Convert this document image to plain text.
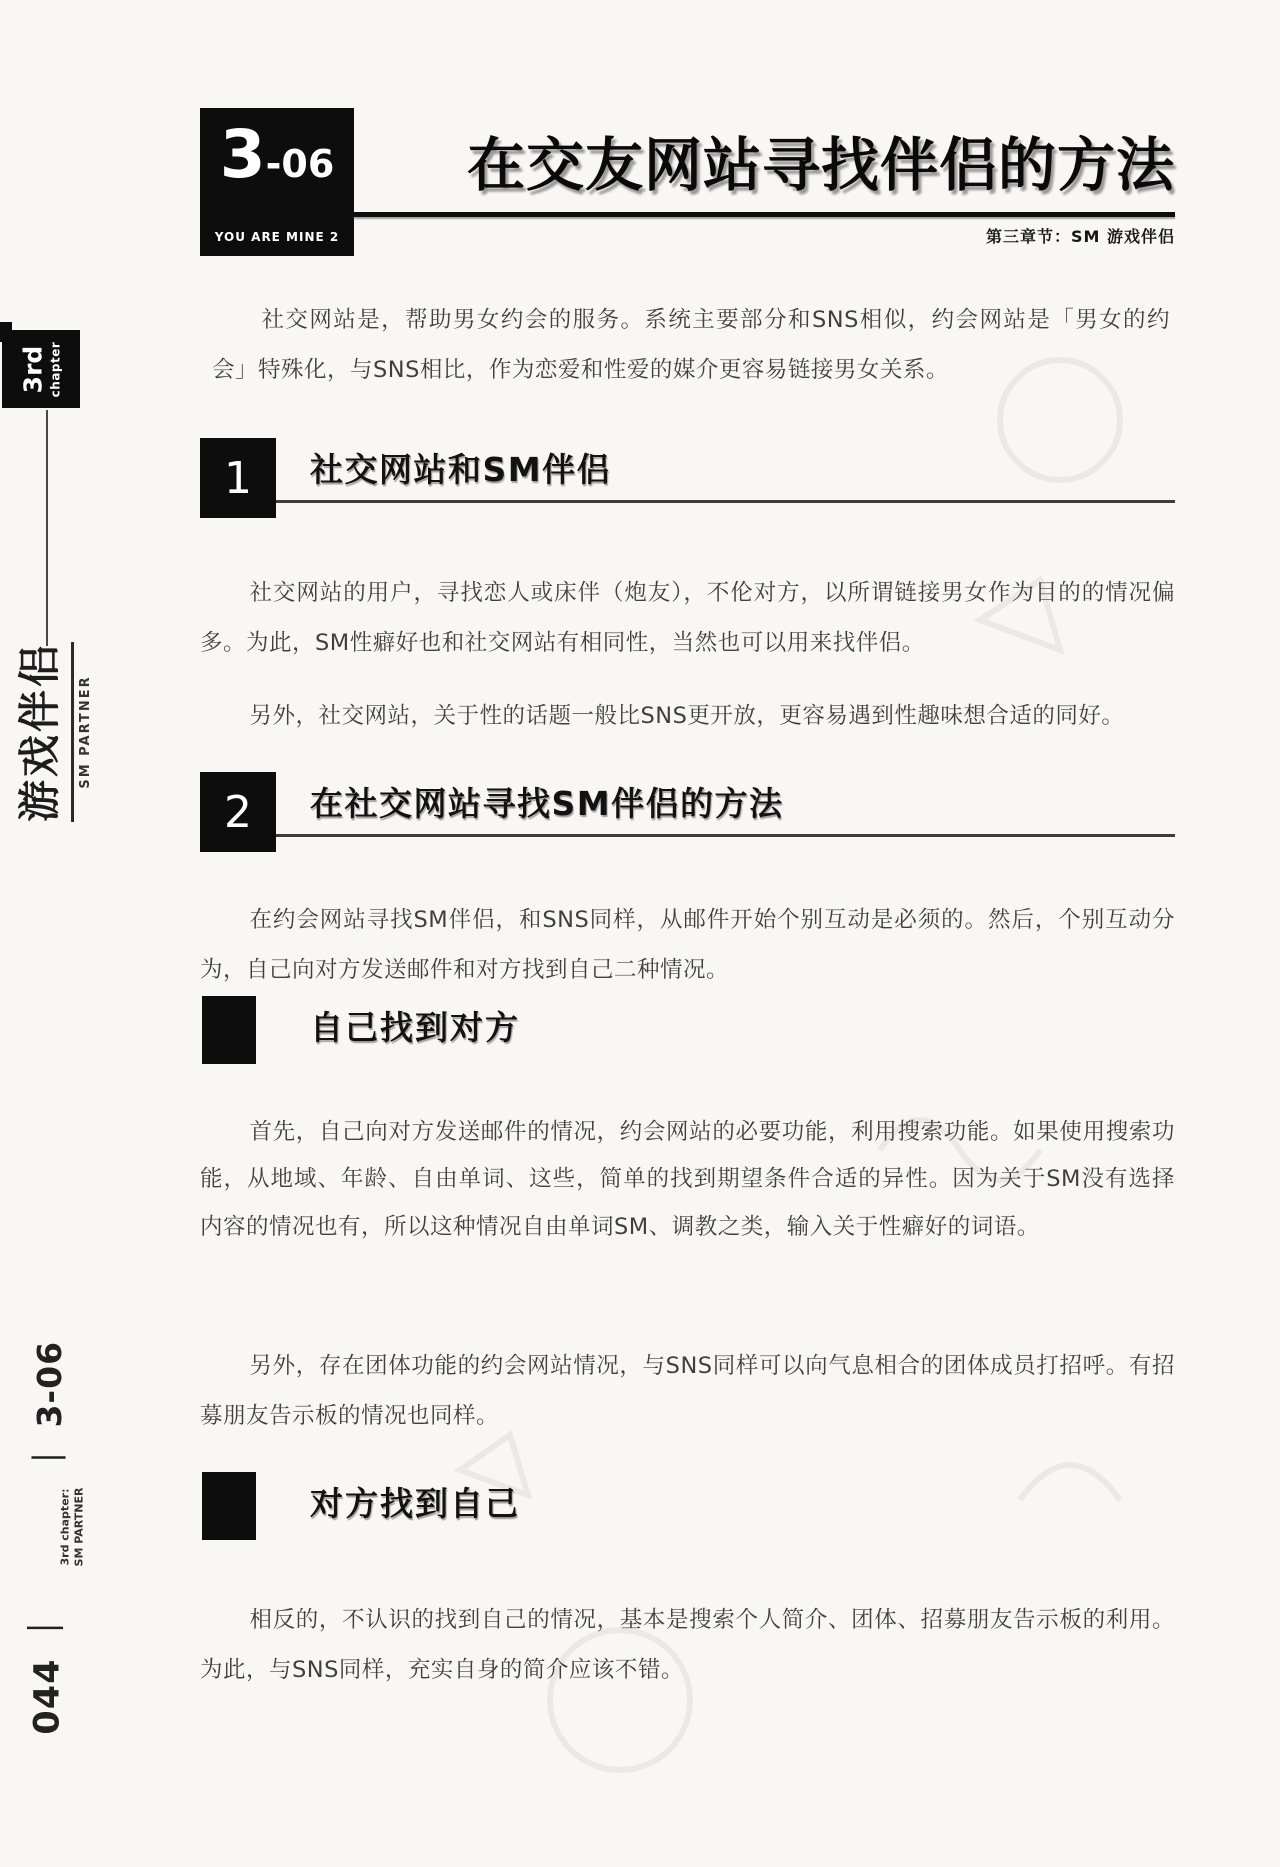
3rd chapter
游戏伴侣	SM PARTNER
｜ 3-06
3rd chapter: SM PARTNER
044 ｜
3-06
YOU ARE MINE 2
在交友网站寻找伴侣的方法
第三章节：SM 游戏伴侣

社交网站是，帮助男女约会的服务。系统主要部分和SNS相似，约会网站是「男女的约会」特殊化，与SNS相比，作为恋爱和性爱的媒介更容易链接男女关系。

1 社交网站和SM伴侣

社交网站的用户，寻找恋人或床伴（炮友），不伦对方，以所谓链接男女作为目的的情况偏多。为此，SM性癖好也和社交网站有相同性，当然也可以用来找伴侣。

另外，社交网站，关于性的话题一般比SNS更开放，更容易遇到性趣味想合适的同好。

2 在社交网站寻找SM伴侣的方法

在约会网站寻找SM伴侣，和SNS同样，从邮件开始个别互动是必须的。然后，个别互动分为，自己向对方发送邮件和对方找到自己二种情况。

自己找到对方

首先，自己向对方发送邮件的情况，约会网站的必要功能，利用搜索功能。如果使用搜索功能，从地域、年龄、自由单词、这些，简单的找到期望条件合适的异性。因为关于SM没有选择内容的情况也有，所以这种情况自由单词SM、调教之类，输入关于性癖好的词语。

另外，存在团体功能的约会网站情况，与SNS同样可以向气息相合的团体成员打招呼。有招募朋友告示板的情况也同样。

对方找到自己

相反的，不认识的找到自己的情况，基本是搜索个人简介、团体、招募朋友告示板的利用。为此，与SNS同样，充实自身的简介应该不错。
